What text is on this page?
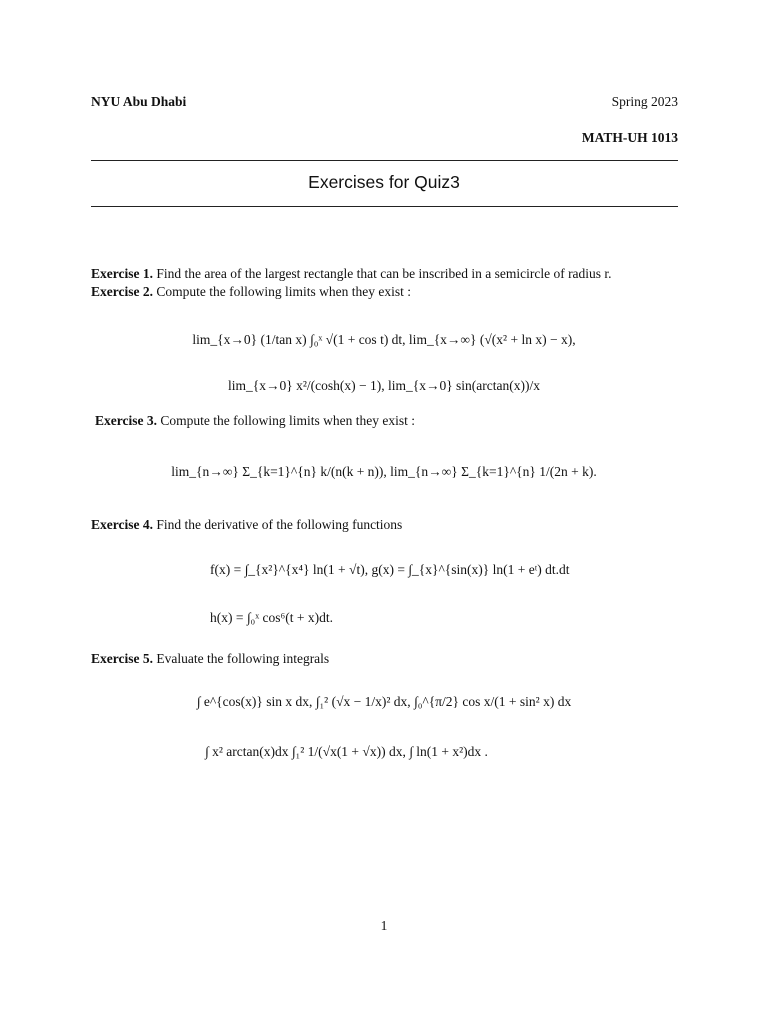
NYU Abu Dhabi	Spring 2023
MATH-UH 1013
Exercises for Quiz3
Exercise 1. Find the area of the largest rectangle that can be inscribed in a semicircle of radius r.
Exercise 2. Compute the following limits when they exist :
lim_{x→0} (1/tan x) ∫₀ˣ √(1 + cos t) dt, lim_{x→∞} (√(x² + ln x) − x),
lim_{x→0} x²/(cosh(x) − 1), lim_{x→0} sin(arctan(x))/x
Exercise 3. Compute the following limits when they exist :
lim_{n→∞} Σ_{k=1}^{n} k/(n(k + n)), lim_{n→∞} Σ_{k=1}^{n} 1/(2n + k).
Exercise 4. Find the derivative of the following functions
f(x) = ∫_{x²}^{x⁴} ln(1 + √t), g(x) = ∫_{x}^{sin(x)} ln(1 + eᵗ) dt.dt
h(x) = ∫₀ˣ cos⁶(t + x)dt.
Exercise 5. Evaluate the following integrals
∫ e^{cos(x)} sin x dx, ∫₁² (√x − 1/x)² dx, ∫₀^{π/2} cos x/(1 + sin² x) dx
∫ x² arctan(x)dx ∫₁² 1/(√x(1 + √x)) dx, ∫ ln(1 + x²)dx .
1
